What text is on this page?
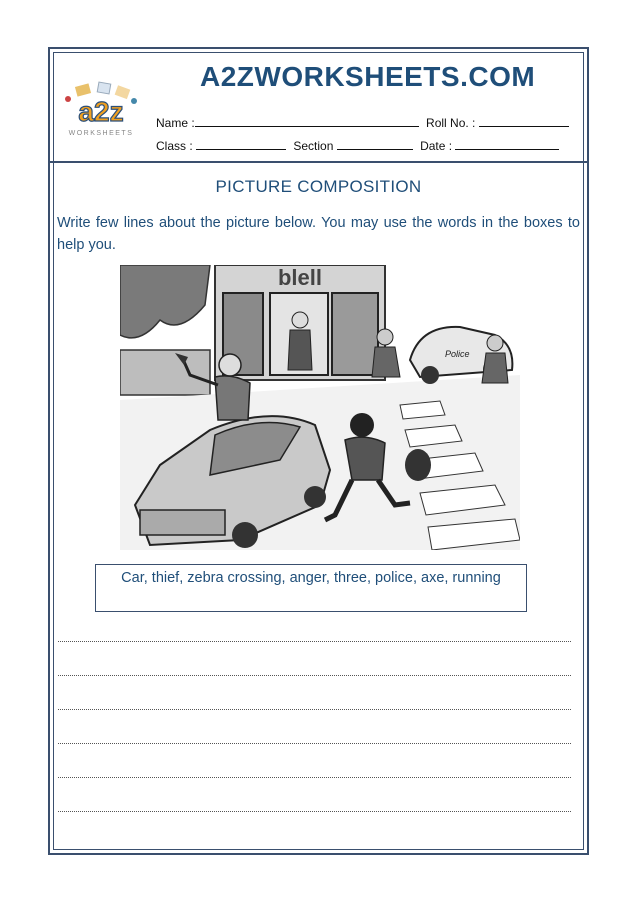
A2ZWORKSHEETS.COM
a2z
WORKSHEETS
Name :	Roll No. :
Class :	Section	Date :
PICTURE COMPOSITION
Write few lines about the picture below. You may use the words in the boxes to help you.
blell
Police
Car, thief, zebra crossing, anger, three, police, axe, running
